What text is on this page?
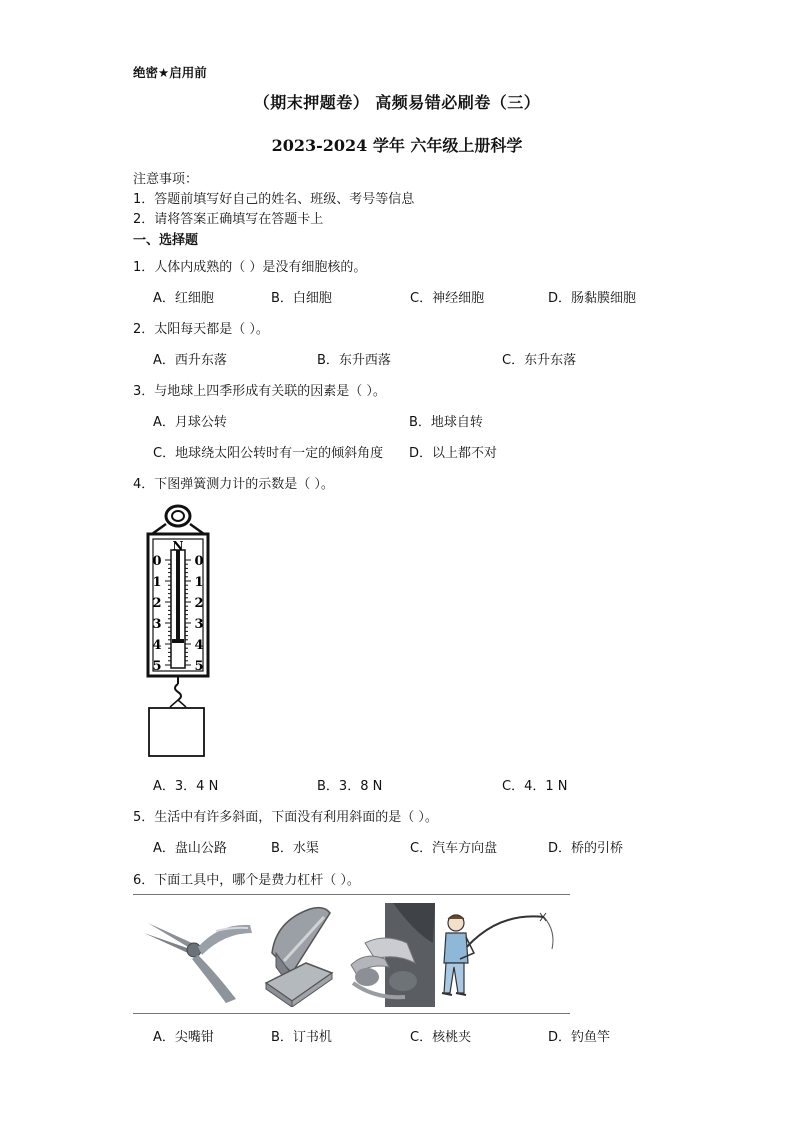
绝密★启用前
（期末押题卷） 高频易错必刷卷（三）
2023-2024 学年 六年级上册科学
注意事项：
1．答题前填写好自己的姓名、班级、考号等信息
2．请将答案正确填写在答题卡上
一、选择题
1．人体内成熟的（ ）是没有细胞核的。
A．红细胞	B．白细胞	C．神经细胞	D．肠黏膜细胞
2．太阳每天都是（ ）。
A．西升东落	B．东升西落	C．东升东落
3．与地球上四季形成有关联的因素是（ ）。
A．月球公转	B．地球自转
C．地球绕太阳公转时有一定的倾斜角度 D．以上都不对
4．下图弹簧测力计的示数是（ ）。
N
0
1
2
3
4
5
0
1
2
3
4
5
A．3．4 N	B．3．8 N	C．4．1 N
5．生活中有许多斜面，下面没有利用斜面的是（ ）。
A．盘山公路	B．水渠	C．汽车方向盘	D．桥的引桥
6．下面工具中，哪个是费力杠杆（ ）。
A．尖嘴钳	B．订书机	C．核桃夹	D．钓鱼竿
